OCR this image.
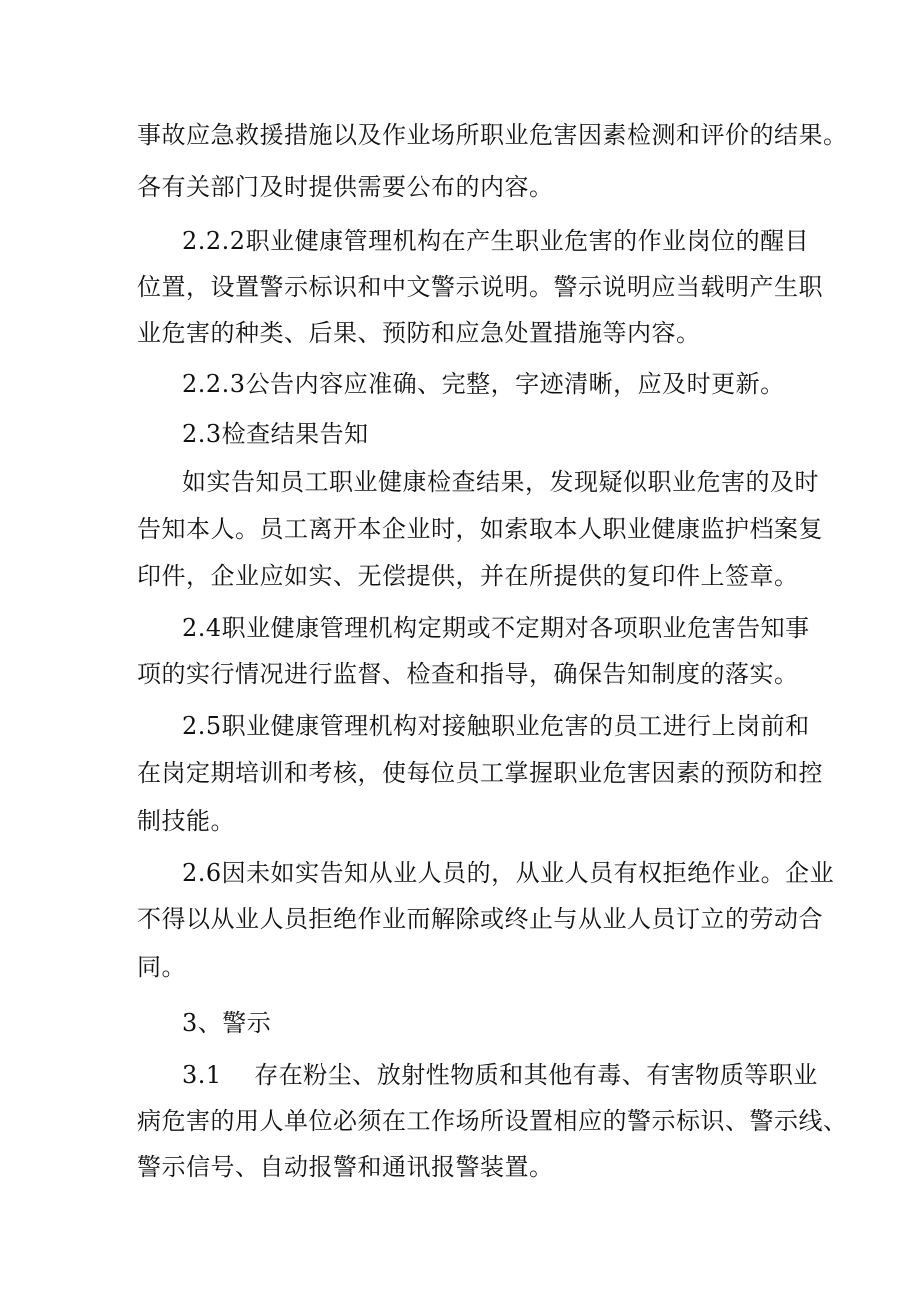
事故应急救援措施以及作业场所职业危害因素检测和评价的结果。
各有关部门及时提供需要公布的内容。
2.2.2职业健康管理机构在产生职业危害的作业岗位的醒目
位置，设置警示标识和中文警示说明。警示说明应当载明产生职
业危害的种类、后果、预防和应急处置措施等内容。
2.2.3公告内容应准确、完整，字迹清晰，应及时更新。
2.3检查结果告知
如实告知员工职业健康检查结果，发现疑似职业危害的及时
告知本人。员工离开本企业时，如索取本人职业健康监护档案复
印件，企业应如实、无偿提供，并在所提供的复印件上签章。
2.4职业健康管理机构定期或不定期对各项职业危害告知事
项的实行情况进行监督、检查和指导，确保告知制度的落实。
2.5职业健康管理机构对接触职业危害的员工进行上岗前和
在岗定期培训和考核，使每位员工掌握职业危害因素的预防和控
制技能。
2.6因未如实告知从业人员的，从业人员有权拒绝作业。企业
不得以从业人员拒绝作业而解除或终止与从业人员订立的劳动合
同。
3、警示
3.1　 存在粉尘、放射性物质和其他有毒、有害物质等职业
病危害的用人单位必须在工作场所设置相应的警示标识、警示线、
警示信号、自动报警和通讯报警装置。
